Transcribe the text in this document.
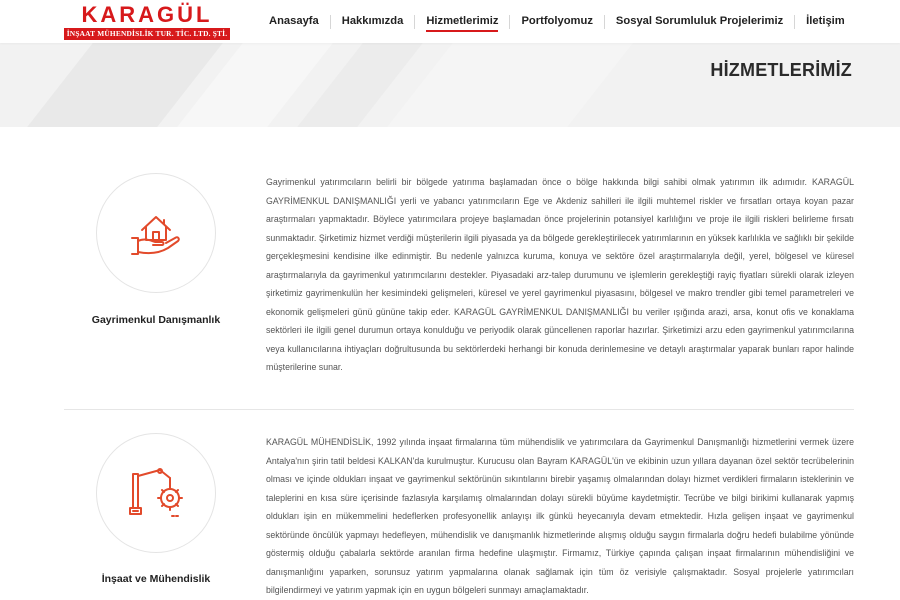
KARAGÜL
İNŞAAT MÜHENDİSLİK TUR. TİC. LTD. ŞTİ.
Anasayfa	Hakkımızda	Hizmetlerimiz	Portfolyomuz	Sosyal Sorumluluk Projelerimiz	İletişim
HİZMETLERİMİZ
Gayrimenkul Danışmanlık

Gayrimenkul yatırımcıların belirli bir bölgede yatırıma başlamadan önce o bölge hakkında bilgi sahibi olmak yatırımın ilk adımıdır. KARAGÜL GAYRİMENKUL DANIŞMANLIĞI yerli ve yabancı yatırımcıların Ege ve Akdeniz sahilleri ile ilgili muhtemel riskler ve fırsatları ortaya koyan pazar araştırmaları yapmaktadır. Böylece yatırımcılara projeye başlamadan önce projelerinin potansiyel karlılığını ve proje ile ilgili riskleri belirleme fırsatı sunmaktadır. Şirketimiz hizmet verdiği müşterilerin ilgili piyasada ya da bölgede gerekleştirilecek yatırımlarının en yüksek karlılıkla ve sağlıklı bir şekilde gerçekleşmesini kendisine ilke edinmiştir. Bu nedenle yalnızca kuruma, konuya ve sektöre özel araştırmalarıyla değil, yerel, bölgesel ve küresel araştırmalarıyla da gayrimenkul yatırımcılarını destekler. Piyasadaki arz-talep durumunu ve işlemlerin gerekleştiği rayiç fiyatları sürekli olarak izleyen şirketimiz gayrimenkulün her kesimindeki gelişmeleri, küresel ve yerel gayrimenkul piyasasını, bölgesel ve makro trendler gibi temel parametreleri ve ekonomik gelişmeleri günü gününe takip eder. KARAGÜL GAYRİMENKUL DANIŞMANLIĞI bu veriler ışığında arazi, arsa, konut ofis ve konaklama sektörleri ile ilgili genel durumun ortaya konulduğu ve periyodik olarak güncellenen raporlar hazırlar. Şirketimizi arzu eden gayrimenkul yatırımcılarına veya kullanıcılarına ihtiyaçları doğrultusunda bu sektörlerdeki herhangi bir konuda derinlemesine ve detaylı araştırmalar yaparak bunları rapor halinde müşterilerine sunar.

İnşaat ve Mühendislik

KARAGÜL MÜHENDİSLİK, 1992 yılında inşaat firmalarına tüm mühendislik ve yatırımcılara da Gayrimenkul Danışmanlığı hizmetlerini vermek üzere Antalya'nın şirin tatil beldesi KALKAN'da kurulmuştur. Kurucusu olan Bayram KARAGÜL'ün ve ekibinin uzun yıllara dayanan özel sektör tecrübelerinin olması ve içinde oldukları inşaat ve gayrimenkul sektörünün sıkıntılarını birebir yaşamış olmalarından dolayı hizmet verdikleri firmaların isteklerinin ve taleplerini en kısa süre içerisinde fazlasıyla karşılamış olmalarından dolayı sürekli büyüme kaydetmiştir. Tecrübe ve bilgi birikimi kullanarak yapmış oldukları işin en mükemmelini hedeflerken profesyonellik anlayışı ilk günkü heyecanıyla devam etmektedir. Hızla gelişen inşaat ve gayrimenkul sektöründe öncülük yapmayı hedefleyen, mühendislik ve danışmanlık hizmetlerinde alışmış olduğu saygın firmalarla doğru hedefi bulabilme yönünde göstermiş olduğu çabalarla sektörde aranılan firma hedefine ulaşmıştır. Firmamız, Türkiye çapında çalışan inşaat firmalarının mühendisliğini ve danışmanlığını yaparken, sorunsuz yatırım yapmalarına olanak sağlamak için tüm öz verisiyle çalışmaktadır. Sosyal projelerle yatırımcıları bilgilendirmeyi ve yatırım yapmak için en uygun bölgeleri sunmayı amaçlamaktadır.
